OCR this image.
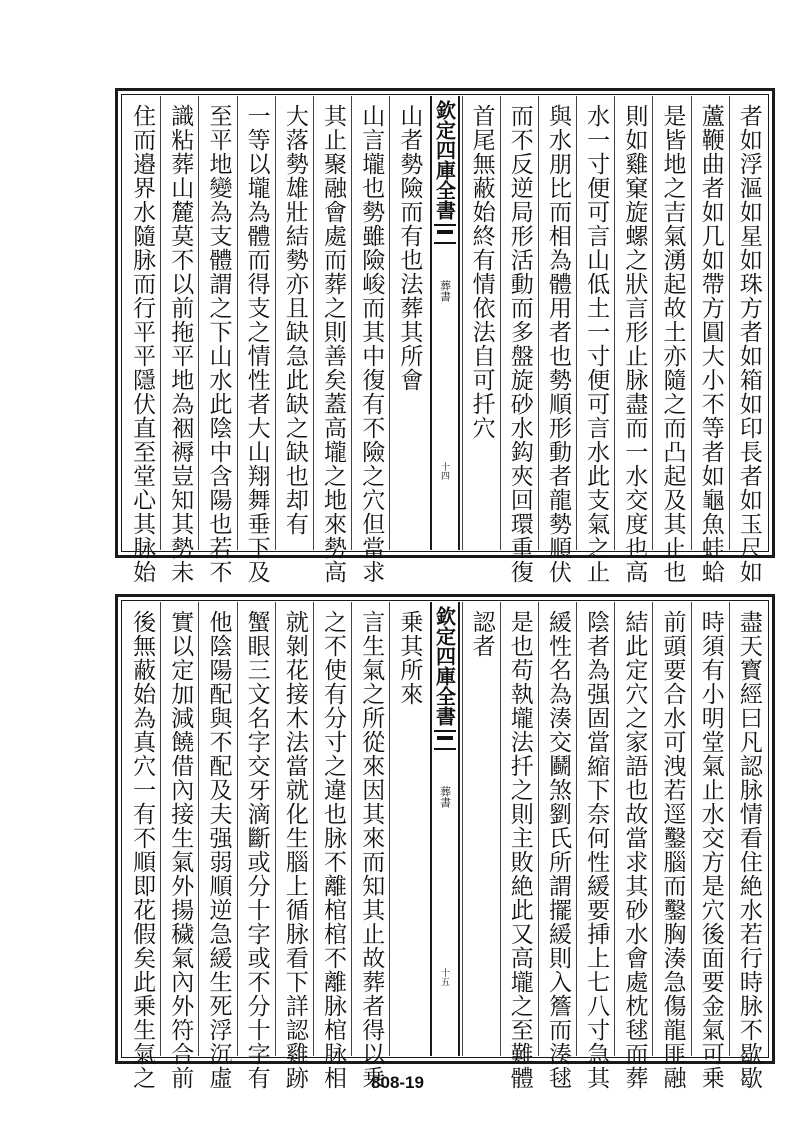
者如浮漚如星如珠方者如箱如印長者如玉尺如
蘆鞭曲者如几如帶方圓大小不等者如龜魚蛙蛤
是皆地之吉氣湧起故土亦隨之而凸起及其止也
則如雞窠旋螺之狀言形止脉盡而一水交度也高
水一寸便可言山低土一寸便可言水此支氣之止
與水朋比而相為體用者也勢順形動者龍勢順伏
而不反逆局形活動而多盤旋砂水鈎夾回環重復
首尾無蔽始終有情依法自可扦穴
欽定四庫全書
葬書
十四
山者勢險而有也法葬其所會
山言壠也勢雖險峻而其中復有不險之穴但當求
其止聚融會處而葬之則善矣蓋高壠之地來勢高
大落勢雄壯結勢亦且缺急此缺之缺也却有
一等以壠為體而得支之情性者大山翔舞垂下及
至平地變為支體謂之下山水此陰中含陽也若不
識粘葬山麓莫不以前拖平地為裀褥豈知其勢未
住而邉界水隨脉而行平平隱伏直至堂心其脉始
盡天寳經曰凡認脉情看住絶水若行時脉不歇歇
時須有小明堂氣止水交方是穴後面要金氣可乗
前頭要合水可洩若逕鑿腦而鑿胸湊急傷龍匪融
結此定穴之家語也故當求其砂水會處枕毬而葬
陰者為强固當縮下奈何性緩要挿上七八寸急其
緩性名為湊交鬬煞劉氏所謂擺緩則入簷而湊毬
是也苟執壠法扦之則主敗絶此又高壠之至難體
認者
欽定四庫全書
葬書
十五
乗其所來
言生氣之所從來因其來而知其止故葬者得以乗
之不使有分寸之違也脉不離棺棺不離脉棺脉相
就剝花接木法當就化生腦上循脉看下詳認雞跡
蟹眼三文名字交牙滴斷或分十字或不分十字有
他陰陽配與不配及夫强弱順逆急緩生死浮沉虛
實以定加減饒借內接生氣外揚穢氣內外符合前
後無蔽始為真穴一有不順即花假矣此乗生氣之	808-19
